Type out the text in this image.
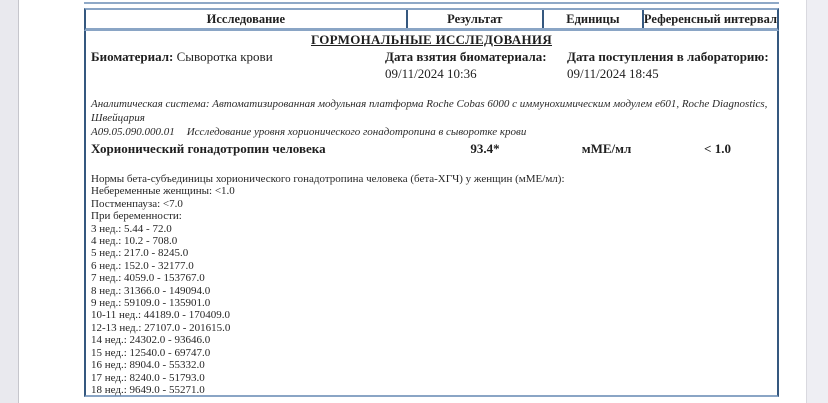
Исследование	Результат	Единицы	Референсный интервал
ГОРМОНАЛЬНЫЕ ИССЛЕДОВАНИЯ
Биоматериал: Сыворотка крови	Дата взятия биоматериала:
09/11/2024 10:36
Дата поступления в лабораторию:
09/11/2024 18:45
Аналитическая система: Автоматизированная модульная платформа Roche Cobas 6000 с иммунохимическим модулем e601, Roche Diagnostics, Швейцария
A09.05.090.000.01 Исследование уровня хорионического гонадотропина в сыворотке крови
Хорионический гонадотропин человека	93.4*	мМЕ/мл	< 1.0
Нормы бета-субъединицы хорионического гонадотропина человека (бета-ХГЧ) у женщин (мМЕ/мл):
Небеременные женщины: <1.0
Постменпауза: <7.0
При беременности:
3 нед.: 5.44 - 72.0
4 нед.: 10.2 - 708.0
5 нед.: 217.0 - 8245.0
6 нед.: 152.0 - 32177.0
7 нед.: 4059.0 - 153767.0
8 нед.: 31366.0 - 149094.0
9 нед.: 59109.0 - 135901.0
10-11 нед.: 44189.0 - 170409.0
12-13 нед.: 27107.0 - 201615.0
14 нед.: 24302.0 - 93646.0
15 нед.: 12540.0 - 69747.0
16 нед.: 8904.0 - 55332.0
17 нед.: 8240.0 - 51793.0
18 нед.: 9649.0 - 55271.0
